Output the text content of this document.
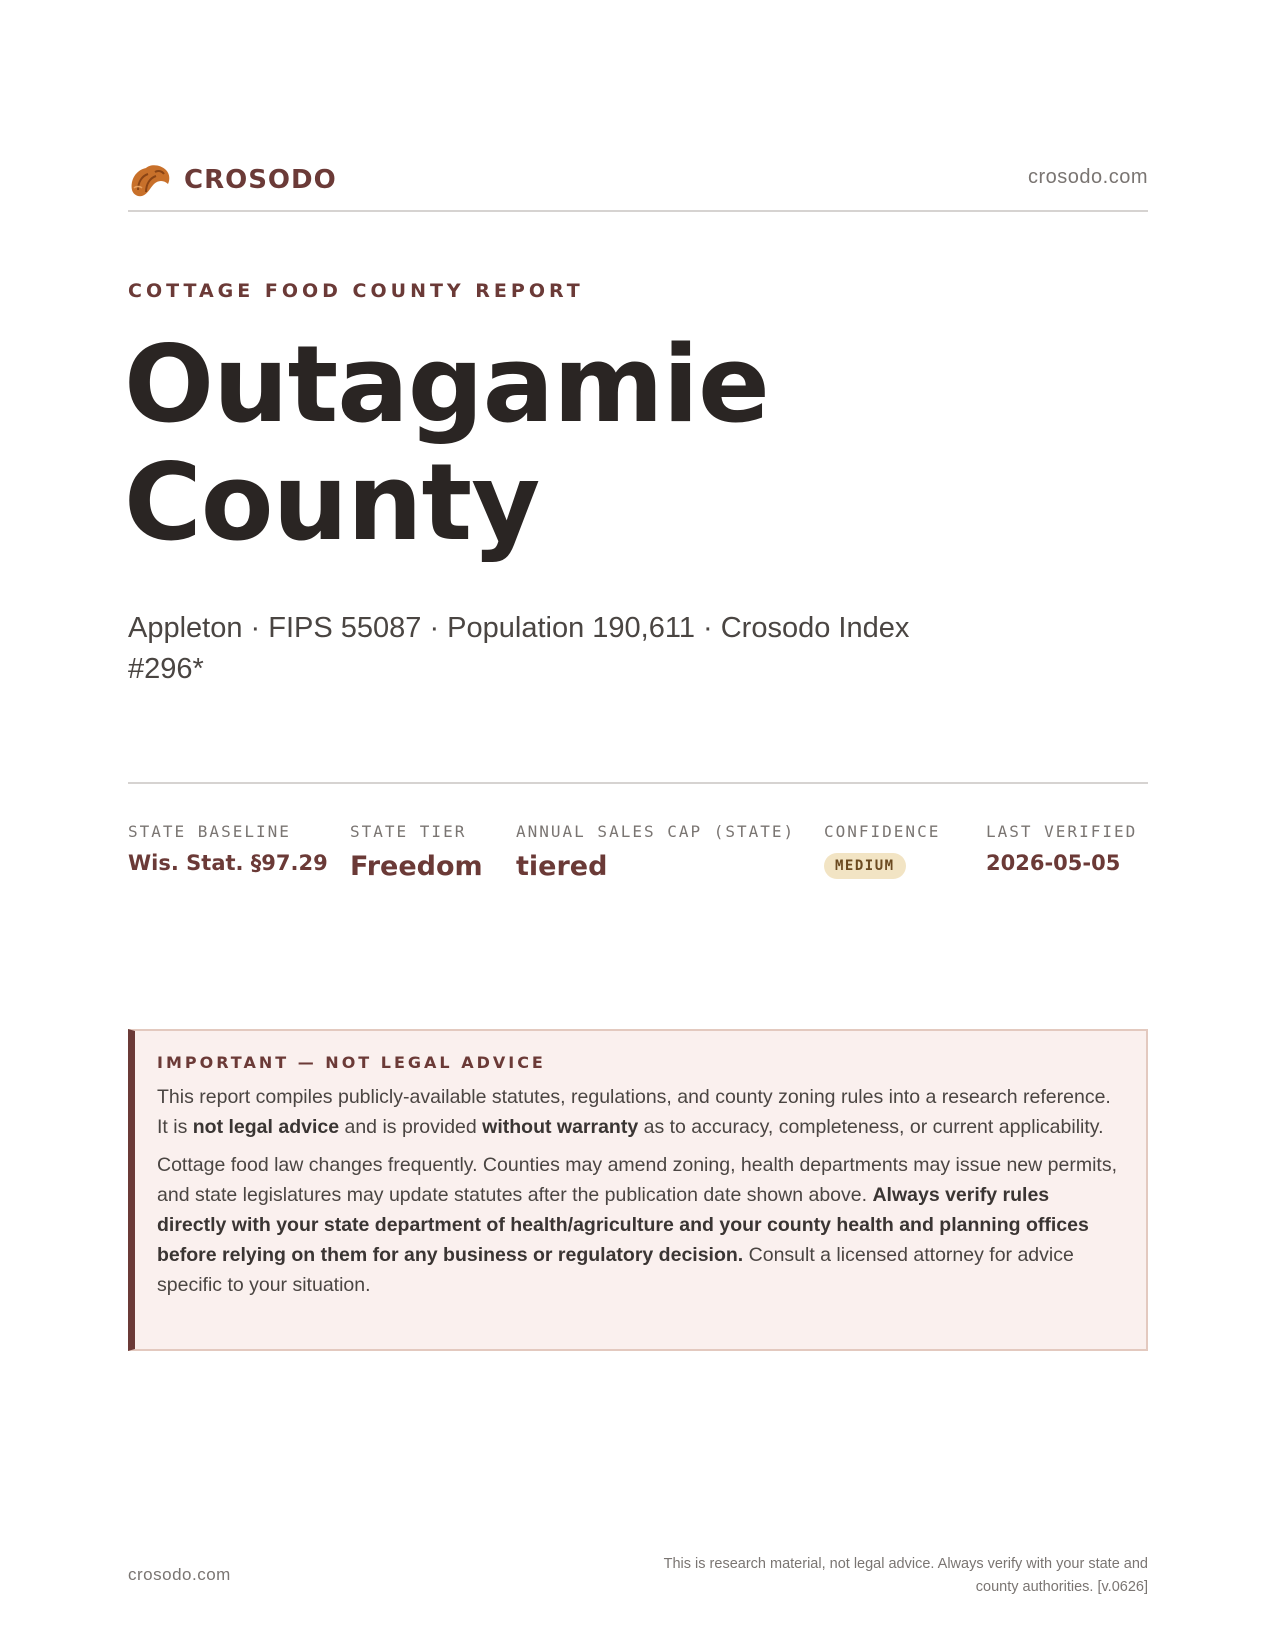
CROSODO	crosodo.com
COTTAGE FOOD COUNTY REPORT
Outagamie
County
Appleton · FIPS 55087 · Population 190,611 · Crosodo Index #296*
STATE BASELINE
Wis. Stat. §97.29
STATE TIER
Freedom
ANNUAL SALES CAP (STATE)
tiered
CONFIDENCE
MEDIUM
LAST VERIFIED
2026-05-05
IMPORTANT — NOT LEGAL ADVICE

This report compiles publicly-available statutes, regulations, and county zoning rules into a research reference. It is not legal advice and is provided without warranty as to accuracy, completeness, or current applicability.

Cottage food law changes frequently. Counties may amend zoning, health departments may issue new permits, and state legislatures may update statutes after the publication date shown above. Always verify rules directly with your state department of health/agriculture and your county health and planning offices before relying on them for any business or regulatory decision. Consult a licensed attorney for advice specific to your situation.

crosodo.com
This is research material, not legal advice. Always verify with your state and county authorities. [v.0626]
